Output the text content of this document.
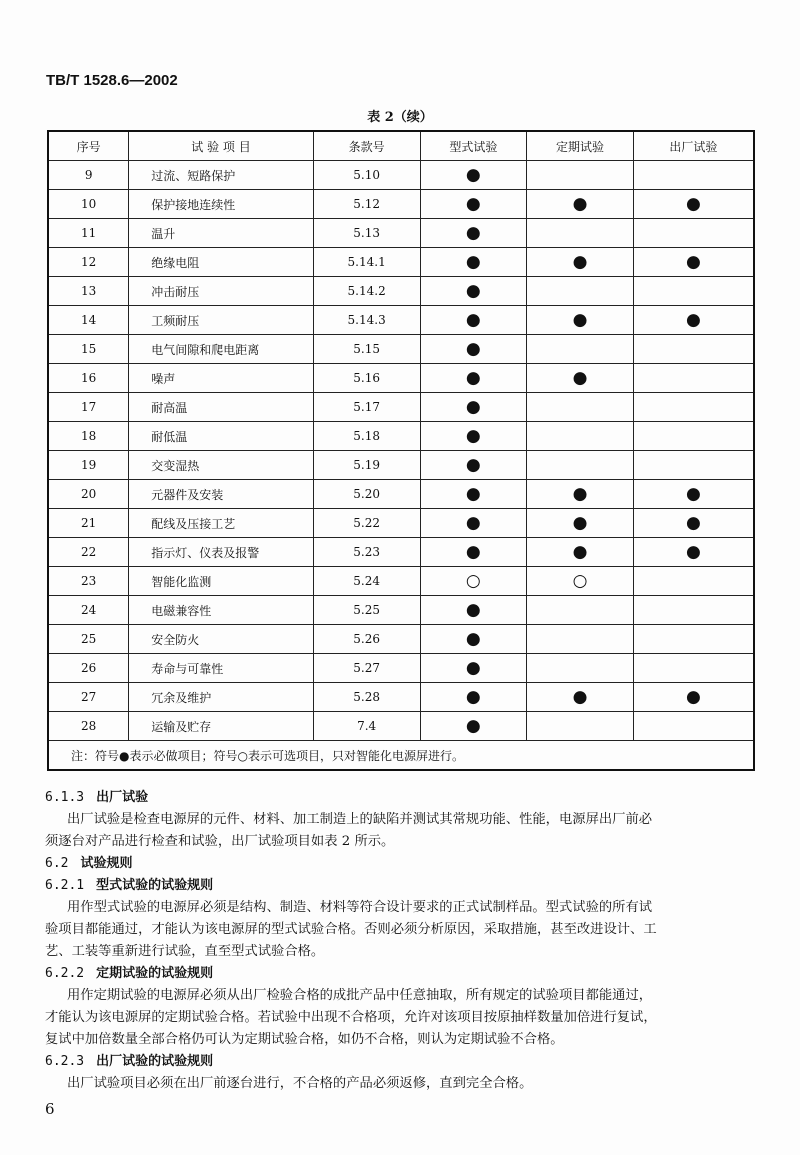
TB/T 1528.6—2002
表 2（续）
序号	试 验 项 目	条款号	型式试验	定期试验	出厂试验
9	过流、短路保护	5.10	●		
10	保护接地连续性	5.12	●	●	●
11	温升	5.13	●		
12	绝缘电阻	5.14.1	●	●	●
13	冲击耐压	5.14.2	●		
14	工频耐压	5.14.3	●	●	●
15	电气间隙和爬电距离	5.15	●		
16	噪声	5.16	●	●	
17	耐高温	5.17	●		
18	耐低温	5.18	●		
19	交变湿热	5.19	●		
20	元器件及安装	5.20	●	●	●
21	配线及压接工艺	5.22	●	●	●
22	指示灯、仪表及报警	5.23	●	●	●
23	智能化监测	5.24	○	○	
24	电磁兼容性	5.25	●		
25	安全防火	5.26	●		
26	寿命与可靠性	5.27	●		
27	冗余及维护	5.28	●	●	●
28	运输及贮存	7.4	●		
注：符号●表示必做项目；符号○表示可选项目，只对智能化电源屏进行。					
6.1.3 出厂试验
出厂试验是检查电源屏的元件、材料、加工制造上的缺陷并测试其常规功能、性能，电源屏出厂前必
须逐台对产品进行检查和试验，出厂试验项目如表 2 所示。
6.2 试验规则
6.2.1 型式试验的试验规则
用作型式试验的电源屏必须是结构、制造、材料等符合设计要求的正式试制样品。型式试验的所有试
验项目都能通过，才能认为该电源屏的型式试验合格。否则必须分析原因，采取措施，甚至改进设计、工
艺、工装等重新进行试验，直至型式试验合格。
6.2.2 定期试验的试验规则
用作定期试验的电源屏必须从出厂检验合格的成批产品中任意抽取，所有规定的试验项目都能通过，
才能认为该电源屏的定期试验合格。若试验中出现不合格项，允许对该项目按原抽样数量加倍进行复试，
复试中加倍数量全部合格仍可认为定期试验合格，如仍不合格，则认为定期试验不合格。
6.2.3 出厂试验的试验规则
出厂试验项目必须在出厂前逐台进行，不合格的产品必须返修，直到完全合格。
6
